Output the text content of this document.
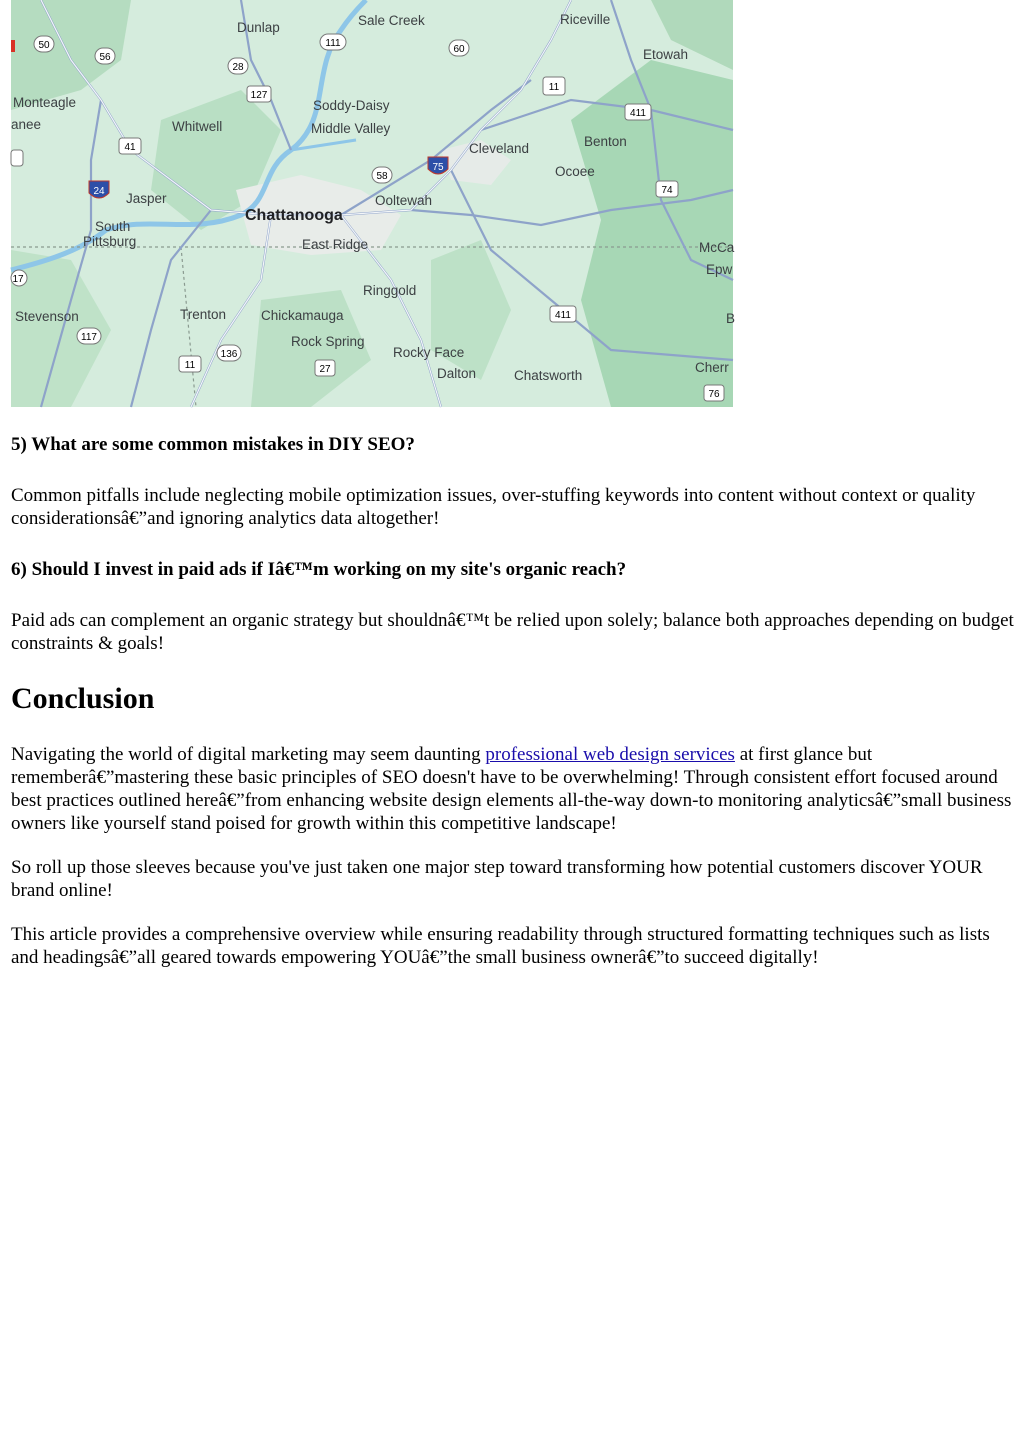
50
56
111
60
28
127
11
411
41
58
75
24	74
17
411
117
136
11	27
76
Dunlap	Sale Creek	Riceville
Etowah
Monteagle
anee	Whitwell
Soddy-Daisy
Middle Valley
Cleveland	Benton
Ocoee
Jasper
South
Pittsburg
Chattanooga
Ooltewah
East Ridge	McCa
Epw
Ringgold
Stevenson	Trenton	Chickamauga	B
Rock Spring
Rocky Face
Dalton	Chatsworth
Cherr
5) What are some common mistakes in DIY SEO?

Common pitfalls include neglecting mobile optimization issues, over-stuffing keywords into content without context or quality considerationsâ€”and ignoring analytics data altogether!

6) Should I invest in paid ads if Iâ€™m working on my site's organic reach?

Paid ads can complement an organic strategy but shouldnâ€™t be relied upon solely; balance both approaches depending on budget constraints & goals!

Conclusion

Navigating the world of digital marketing may seem daunting professional web design services at first glance but rememberâ€”mastering these basic principles of SEO doesn't have to be overwhelming! Through consistent effort focused around best practices outlined hereâ€”from enhancing website design elements all-the-way down-to monitoring analyticsâ€”small business owners like yourself stand poised for growth within this competitive landscape!

So roll up those sleeves because you've just taken one major step toward transforming how potential customers discover YOUR brand online!

This article provides a comprehensive overview while ensuring readability through structured formatting techniques such as lists and headingsâ€”all geared towards empowering YOUâ€”the small business ownerâ€”to succeed digitally!
